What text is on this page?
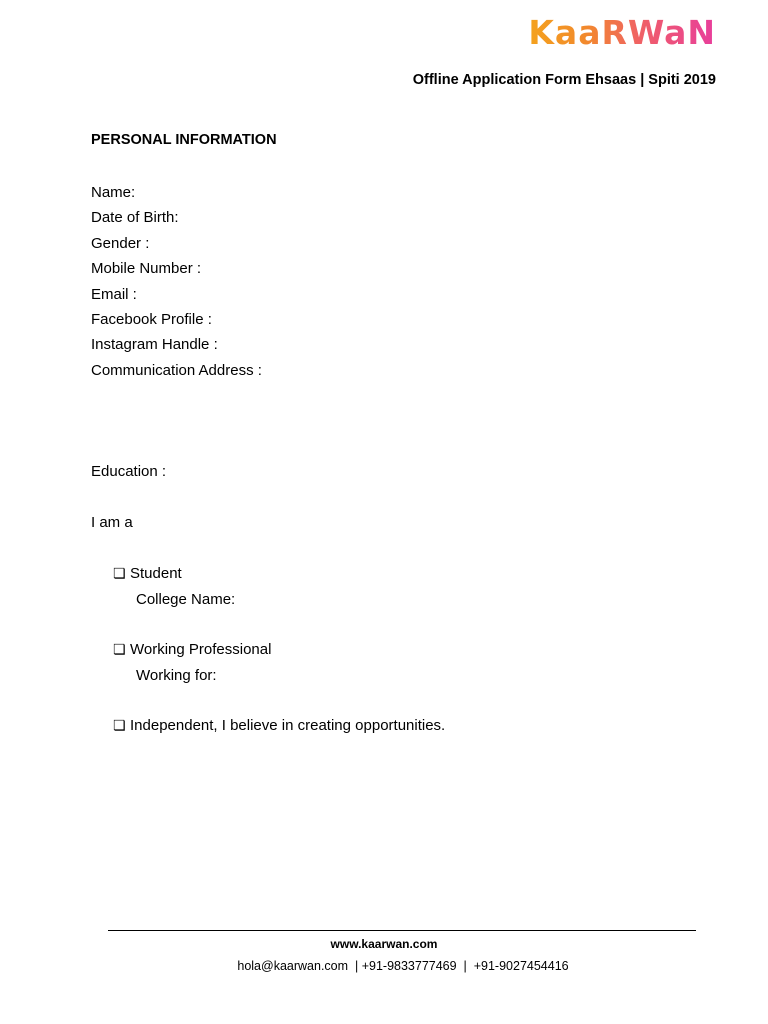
KaaRWaN
Offline Application Form Ehsaas | Spiti 2019
PERSONAL INFORMATION
Name:
Date of Birth:
Gender :
Mobile Number :
Email :
Facebook Profile :
Instagram Handle :
Communication Address :
Education :
I am a
❏ Student
College Name:
❏ Working Professional
Working for:
❏ Independent, I believe in creating opportunities.
www.kaarwan.com
hola@kaarwan.com  | +91-9833777469  |  +91-9027454416
